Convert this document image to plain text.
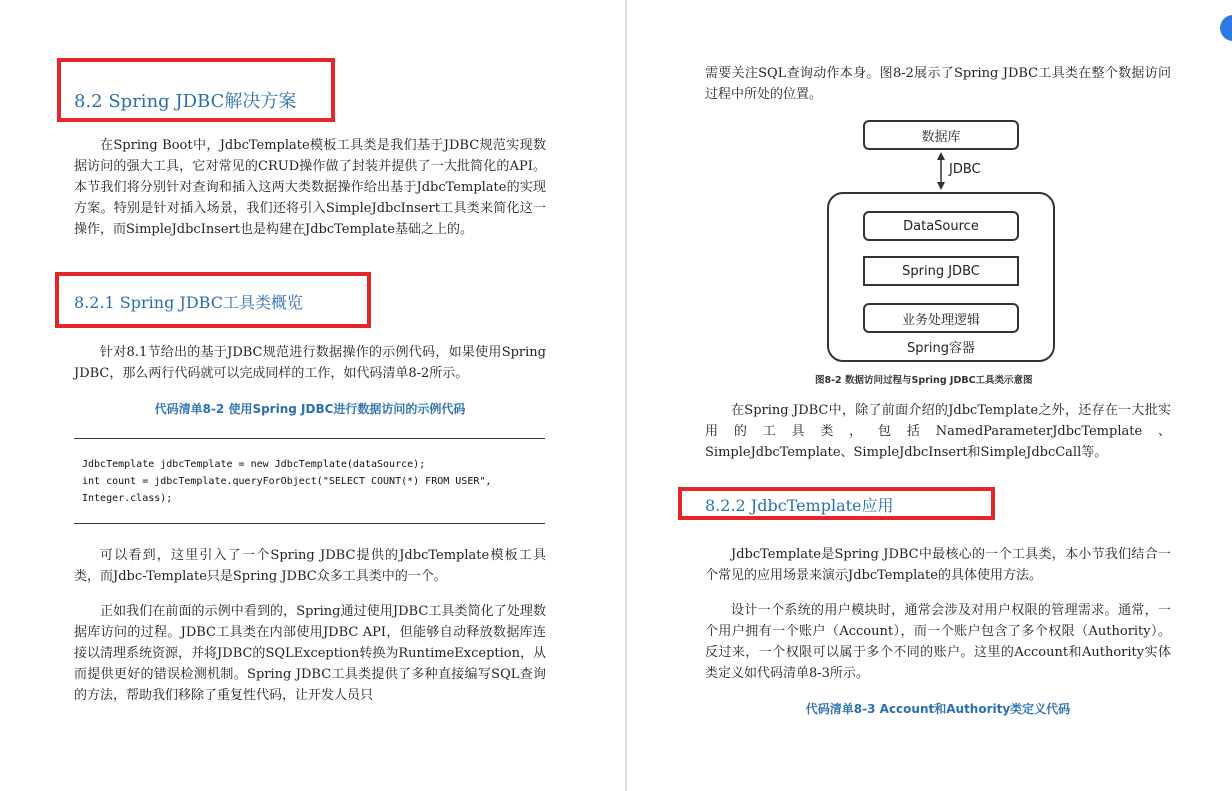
8.2 Spring JDBC解决方案

在Spring Boot中，JdbcTemplate模板工具类是我们基于JDBC规范实现数据访问的强大工具，它对常见的CRUD操作做了封装并提供了一大批简化的API。本节我们将分别针对查询和插入这两大类数据操作给出基于JdbcTemplate的实现方案。特别是针对插入场景，我们还将引入SimpleJdbcInsert工具类来简化这一操作，而SimpleJdbcInsert也是构建在JdbcTemplate基础之上的。

8.2.1 Spring JDBC工具类概览

针对8.1节给出的基于JDBC规范进行数据操作的示例代码，如果使用Spring JDBC，那么两行代码就可以完成同样的工作，如代码清单8-2所示。

代码清单8-2 使用Spring JDBC进行数据访问的示例代码
JdbcTemplate jdbcTemplate = new JdbcTemplate(dataSource);
int count = jdbcTemplate.queryForObject("SELECT COUNT(*) FROM USER",
Integer.class);

可以看到，这里引入了一个Spring JDBC提供的JdbcTemplate模板工具类，而Jdbc-Template只是Spring JDBC众多工具类中的一个。

正如我们在前面的示例中看到的，Spring通过使用JDBC工具类简化了处理数据库访问的过程。JDBC工具类在内部使用JDBC API，但能够自动释放数据库连接以清理系统资源，并将JDBC的SQLException转换为RuntimeException，从而提供更好的错误检测机制。Spring JDBC工具类提供了多种直接编写SQL查询的方法，帮助我们移除了重复性代码，让开发人员只

需要关注SQL查询动作本身。图8-2展示了Spring JDBC工具类在整个数据访问过程中所处的位置。

数据库
JDBC
Spring容器
DataSource
Spring JDBC
业务处理逻辑
图8-2 数据访问过程与Spring JDBC工具类示意图

在Spring JDBC中，除了前面介绍的JdbcTemplate之外，还存在一大批实用的工具类，包括NamedParameterJdbcTemplate、SimpleJdbcTemplate、SimpleJdbcInsert和SimpleJdbcCall等。

8.2.2 JdbcTemplate应用

JdbcTemplate是Spring JDBC中最核心的一个工具类，本小节我们结合一个常见的应用场景来演示JdbcTemplate的具体使用方法。

设计一个系统的用户模块时，通常会涉及对用户权限的管理需求。通常，一个用户拥有一个账户（Account），而一个账户包含了多个权限（Authority）。反过来，一个权限可以属于多个不同的账户。这里的Account和Authority实体类定义如代码清单8-3所示。

代码清单8-3 Account和Authority类定义代码
